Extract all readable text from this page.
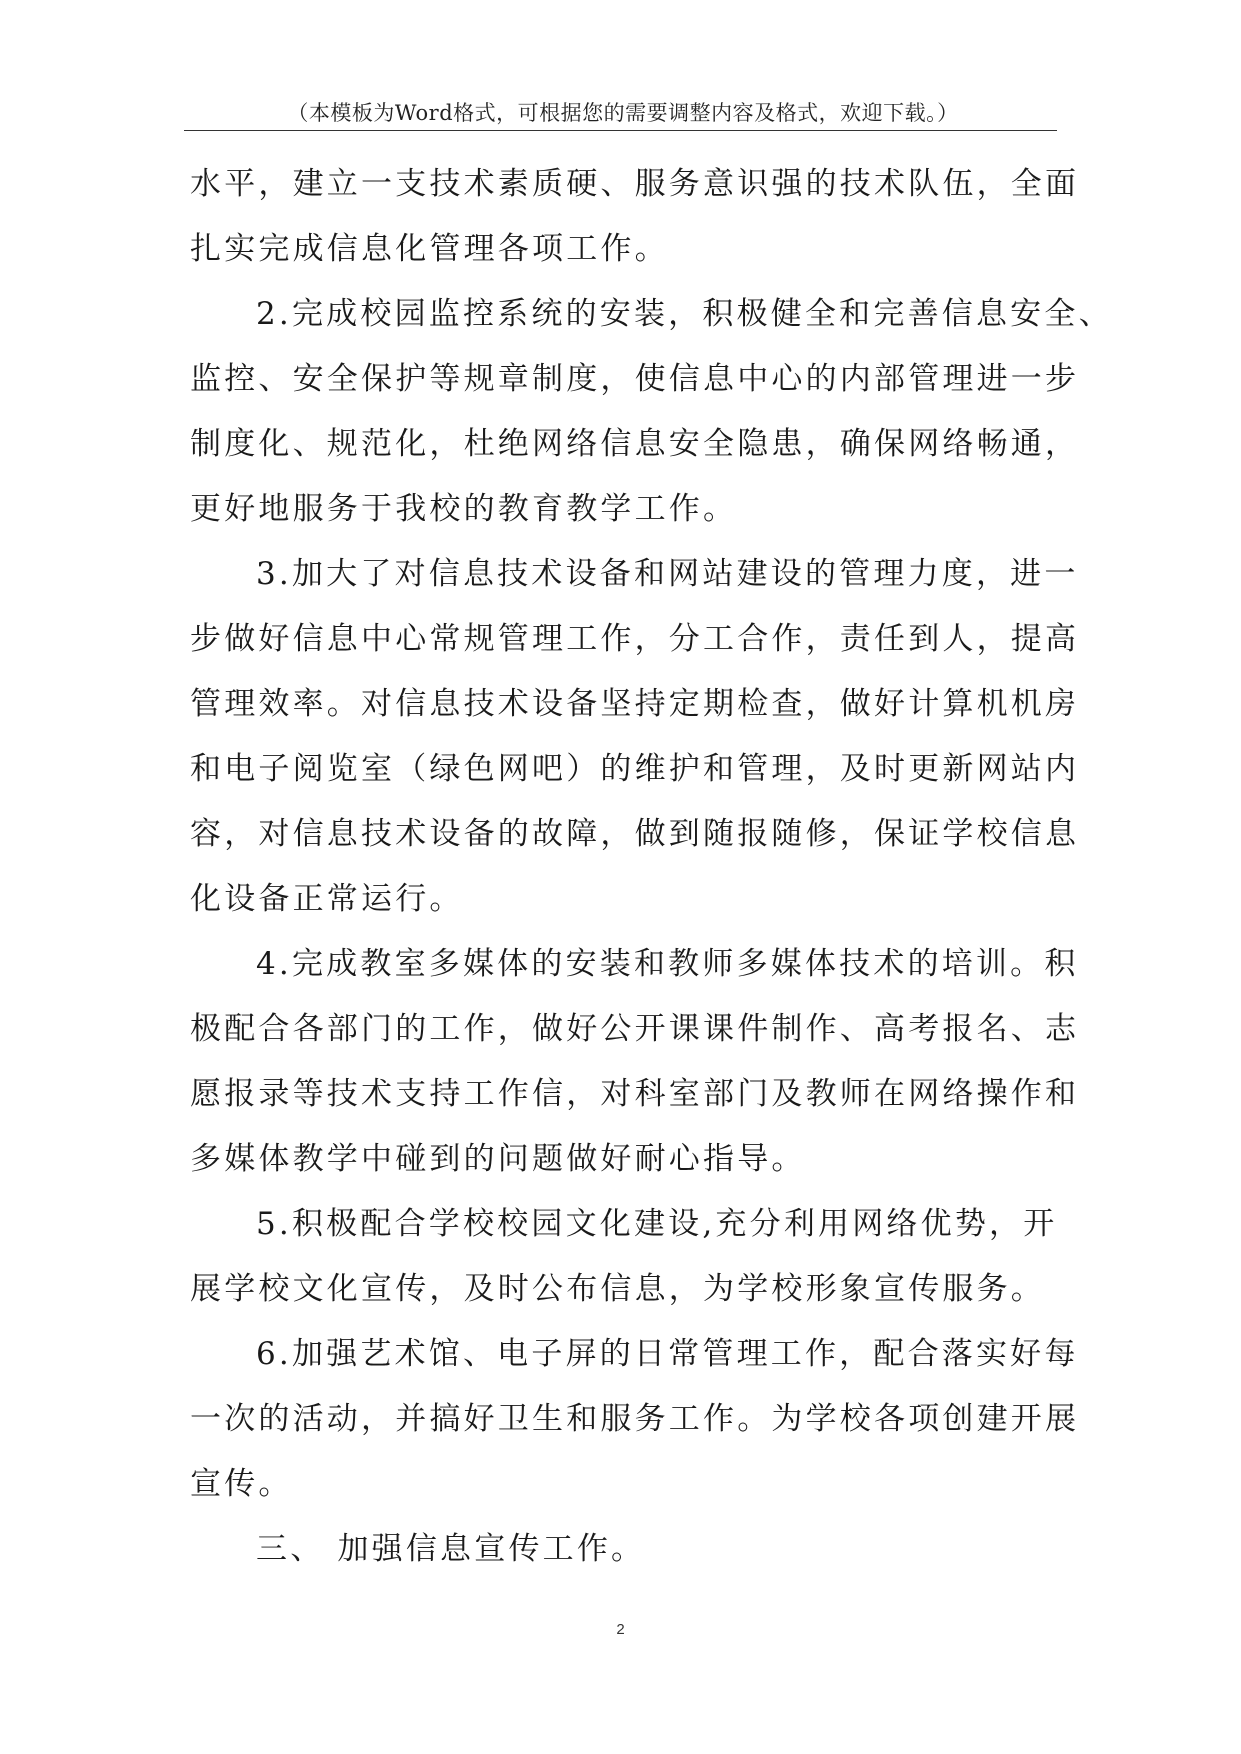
（本模板为Word格式，可根据您的需要调整内容及格式，欢迎下载。）
水平，建立一支技术素质硬、服务意识强的技术队伍，全面
扎实完成信息化管理各项工作。
2.完成校园监控系统的安装，积极健全和完善信息安全、
监控、安全保护等规章制度，使信息中心的内部管理进一步
制度化、规范化，杜绝网络信息安全隐患，确保网络畅通，
更好地服务于我校的教育教学工作。
3.加大了对信息技术设备和网站建设的管理力度，进一
步做好信息中心常规管理工作，分工合作，责任到人，提高
管理效率。对信息技术设备坚持定期检查，做好计算机机房
和电子阅览室（绿色网吧）的维护和管理，及时更新网站内
容，对信息技术设备的故障，做到随报随修，保证学校信息
化设备正常运行。
4.完成教室多媒体的安装和教师多媒体技术的培训。积
极配合各部门的工作，做好公开课课件制作、高考报名、志
愿报录等技术支持工作信，对科室部门及教师在网络操作和
多媒体教学中碰到的问题做好耐心指导。
5.积极配合学校校园文化建设,充分利用网络优势，开
展学校文化宣传，及时公布信息，为学校形象宣传服务。
6.加强艺术馆、电子屏的日常管理工作，配合落实好每
一次的活动，并搞好卫生和服务工作。为学校各项创建开展
宣传。
三、 加强信息宣传工作。
2
